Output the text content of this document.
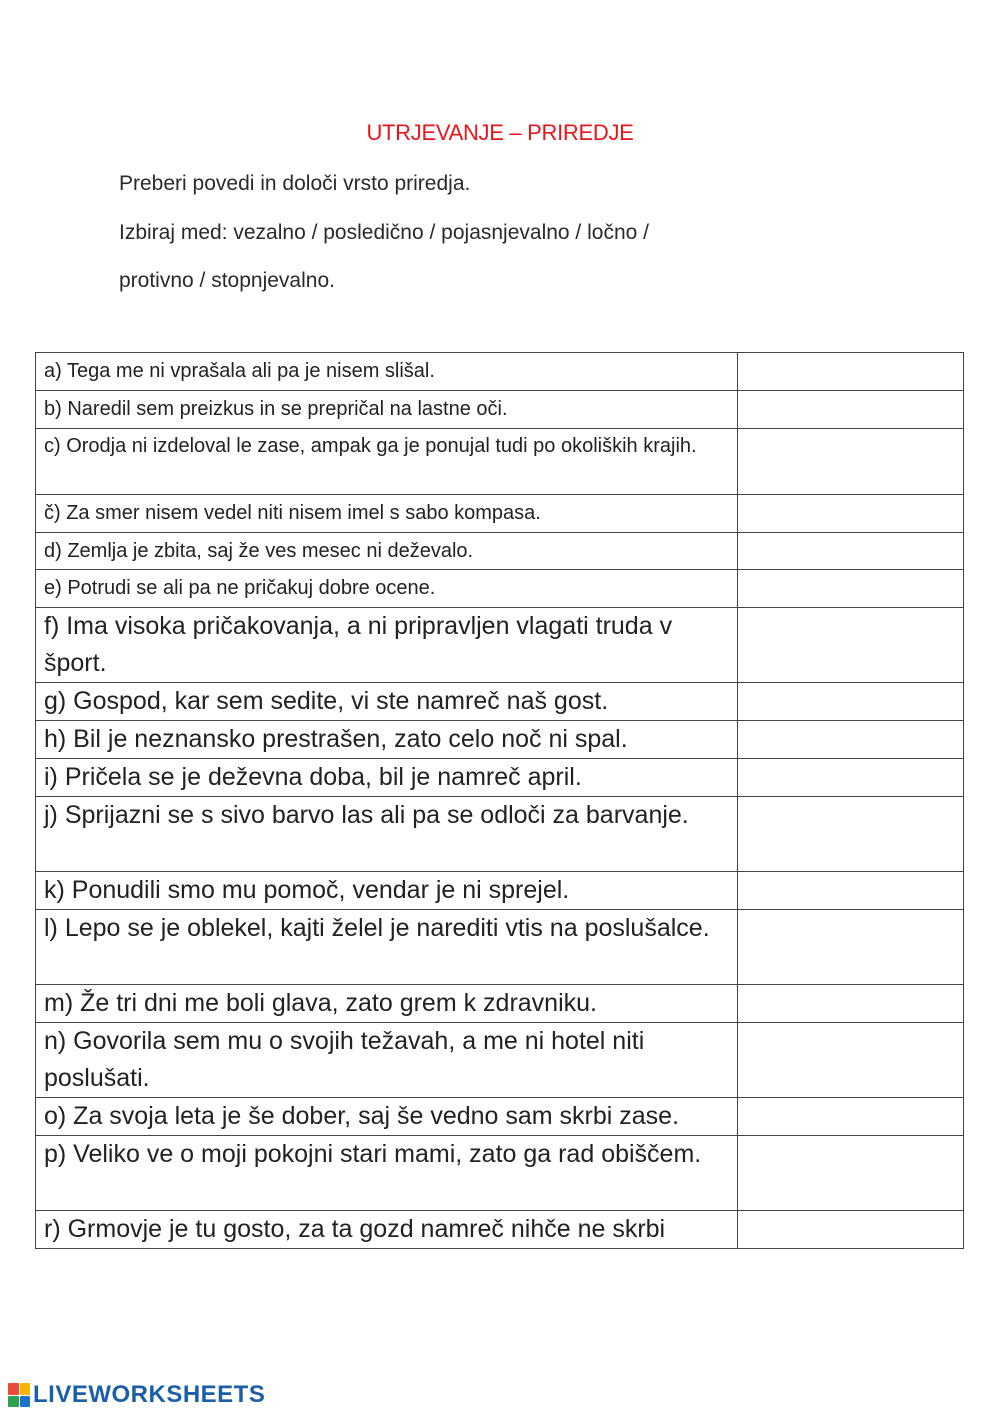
UTRJEVANJE – PRIREDJE
Preberi povedi in določi vrsto priredja.
Izbiraj med: vezalno / posledično / pojasnjevalno / ločno /
protivno / stopnjevalno.
a) Tega me ni vprašala ali pa je nisem slišal.	
b) Naredil sem preizkus in se prepričal na lastne oči.	
c) Orodja ni izdeloval le zase, ampak ga je ponujal tudi po okoliških krajih.	
č) Za smer nisem vedel niti nisem imel s sabo kompasa.	
d) Zemlja je zbita, saj že ves mesec ni deževalo.	
e) Potrudi se ali pa ne pričakuj dobre ocene.	
f) Ima visoka pričakovanja, a ni pripravljen vlagati truda v šport.	
g) Gospod, kar sem sedite, vi ste namreč naš gost.	
h) Bil je neznansko prestrašen, zato celo noč ni spal.	
i) Pričela se je deževna doba, bil je namreč april.	
j) Sprijazni se s sivo barvo las ali pa se odloči za barvanje.	
k) Ponudili smo mu pomoč, vendar je ni sprejel.	
l) Lepo se je oblekel, kajti želel je narediti vtis na poslušalce.	
m) Že tri dni me boli glava, zato grem k zdravniku.	
n) Govorila sem mu o svojih težavah, a me ni hotel niti poslušati.	
o) Za svoja leta je še dober, saj še vedno sam skrbi zase.	
p) Veliko ve o moji pokojni stari mami, zato ga rad obiščem.	
r) Grmovje je tu gosto, za ta gozd namreč nihče ne skrbi	
LIVEWORKSHEETS
